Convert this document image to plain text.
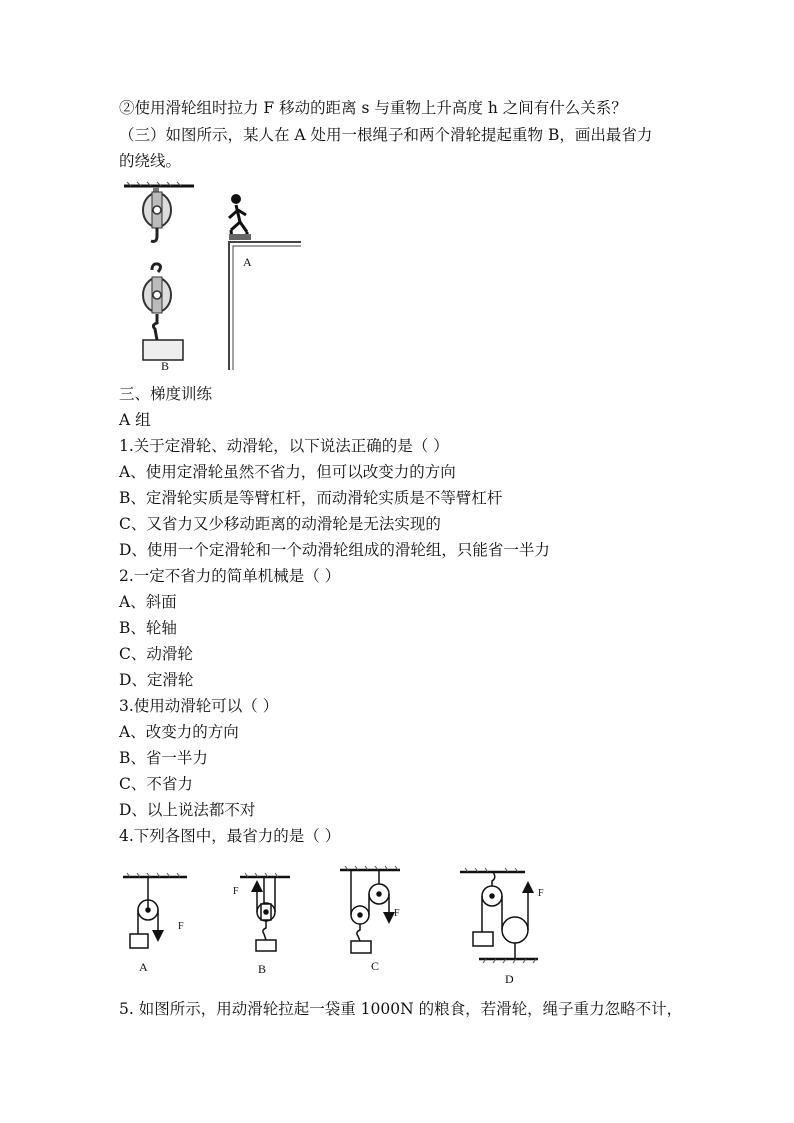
②使用滑轮组时拉力 F 移动的距离 s 与重物上升高度 h 之间有什么关系？
（三）如图所示，某人在 A 处用一根绳子和两个滑轮提起重物 B，画出最省力
的绕线。
A
B
三、梯度训练
A 组
1.关于定滑轮、动滑轮，以下说法正确的是（ ）
A、使用定滑轮虽然不省力，但可以改变力的方向
B、定滑轮实质是等臂杠杆，而动滑轮实质是不等臂杠杆
C、又省力又少移动距离的动滑轮是无法实现的
D、使用一个定滑轮和一个动滑轮组成的滑轮组，只能省一半力
2.一定不省力的简单机械是（ ）
A、斜面
B、轮轴
C、动滑轮
D、定滑轮
3.使用动滑轮可以（ ）
A、改变力的方向
B、省一半力
C、不省力
D、以上说法都不对
4.下列各图中，最省力的是（ ）
F
A
F
B
F
C
F
D
5. 如图所示，用动滑轮拉起一袋重 1000N 的粮食，若滑轮，绳子重力忽略不计，
